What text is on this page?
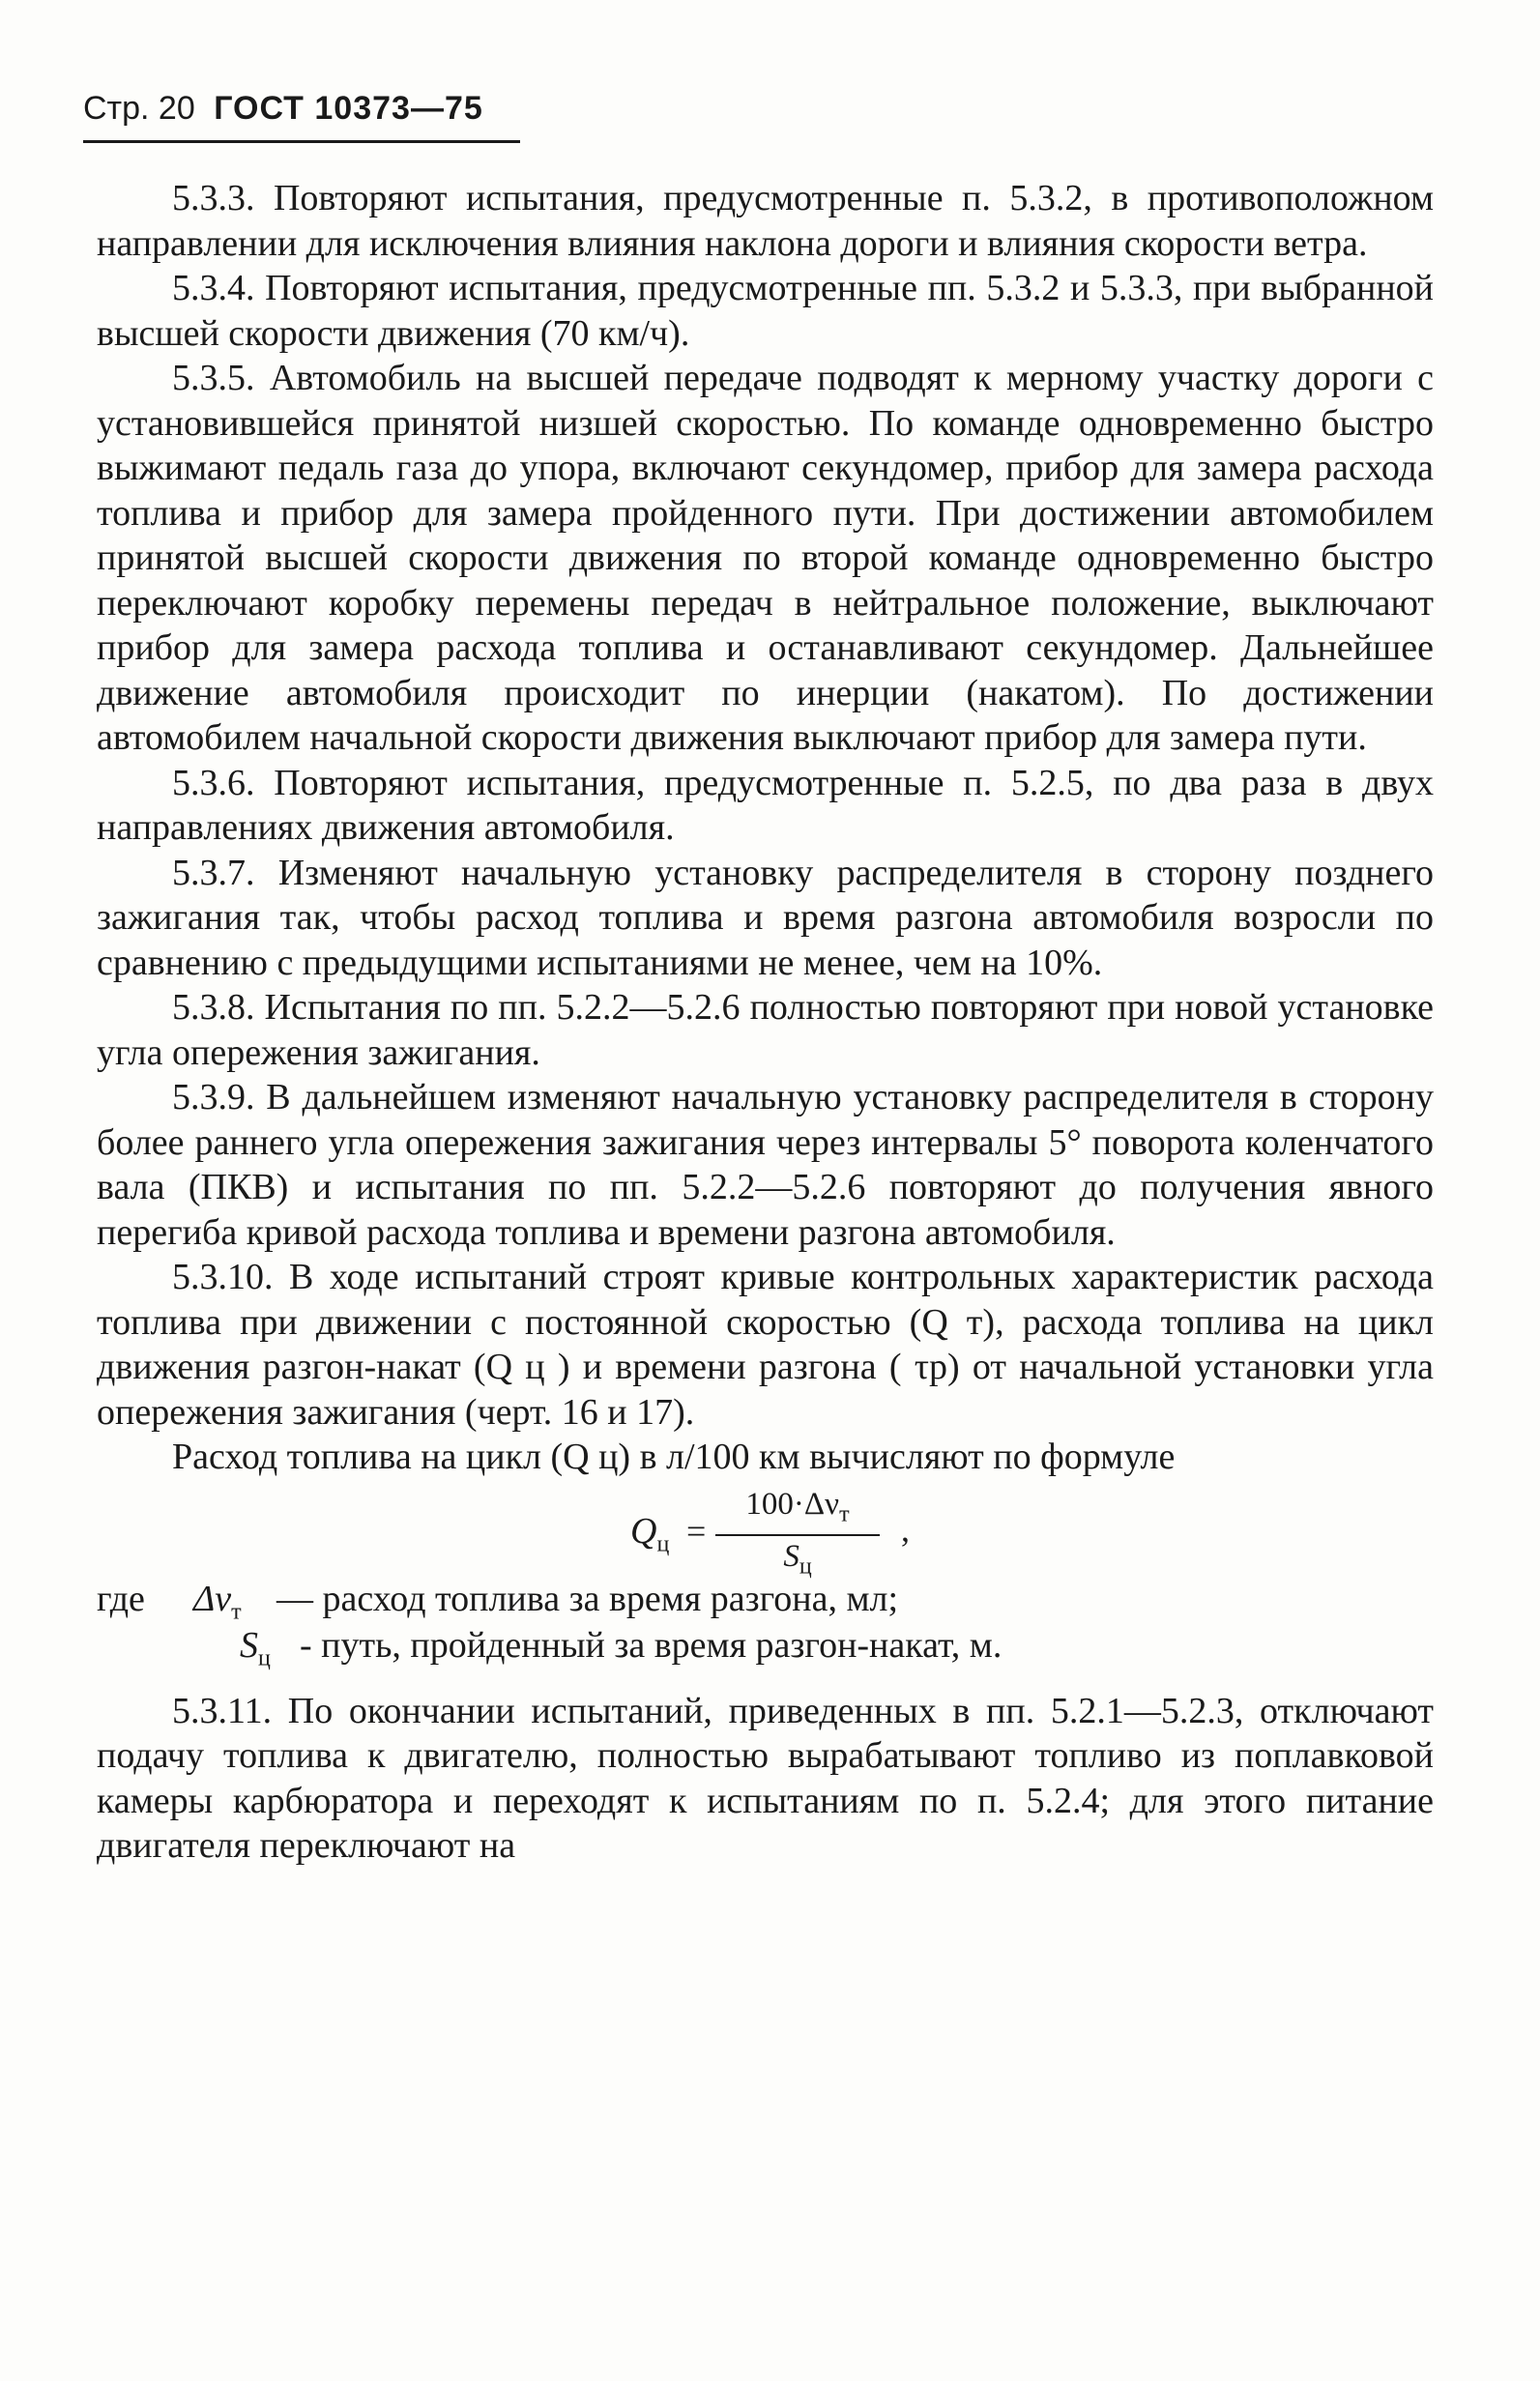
Стр. 20 ГОСТ 10373—75

5.3.3. Повторяют испытания, предусмотренные п. 5.3.2, в противоположном направлении для исключения влияния наклона дороги и влияния скорости ветра.

5.3.4. Повторяют испытания, предусмотренные пп. 5.3.2 и 5.3.3, при выбранной высшей скорости движения (70 км/ч).

5.3.5. Автомобиль на высшей передаче подводят к мерному участку дороги с установившейся принятой низшей скоростью. По команде одновременно быстро выжимают педаль газа до упора, включают секундомер, прибор для замера расхода топлива и прибор для замера пройденного пути. При достижении автомобилем принятой высшей скорости движения по второй команде одновременно быстро переключают коробку перемены передач в нейтральное положение, выключают прибор для замера расхода топлива и останавливают секундомер. Дальнейшее движение автомобиля происходит по инерции (накатом). По достижении автомобилем начальной скорости движения выключают прибор для замера пути.

5.3.6. Повторяют испытания, предусмотренные п. 5.2.5, по два раза в двух направлениях движения автомобиля.

5.3.7. Изменяют начальную установку распределителя в сторону позднего зажигания так, чтобы расход топлива и время разгона автомобиля возросли по сравнению с предыдущими испытаниями не менее, чем на 10%.

5.3.8. Испытания по пп. 5.2.2—5.2.6 полностью повторяют при новой установке угла опережения зажигания.

5.3.9. В дальнейшем изменяют начальную установку распределителя в сторону более раннего угла опережения зажигания через интервалы 5° поворота коленчатого вала (ПКВ) и испытания по пп. 5.2.2—5.2.6 повторяют до получения явного перегиба кривой расхода топлива и времени разгона автомобиля.

5.3.10. В ходе испытаний строят кривые контрольных характеристик расхода топлива при движении с постоянной скоростью (Q т), расхода топлива на цикл движения разгон-накат (Q ц ) и времени разгона ( τр) от начальной установки угла опережения зажигания (черт. 16 и 17).

Расход топлива на цикл (Q ц) в л/100 км вычисляют по формуле

$Q_ц$ =
$100\cdot\Delta\nu_т$
$S_ц$
,
где $\Delta\nu_т$ — расход топлива за время разгона, мл;
$S_ц$ - путь, пройденный за время разгон-накат, м.

5.3.11. По окончании испытаний, приведенных в пп. 5.2.1—5.2.3, отключают подачу топлива к двигателю, полностью вырабатывают топливо из поплавковой камеры карбюратора и переходят к испытаниям по п. 5.2.4; для этого питание двигателя переключают на
